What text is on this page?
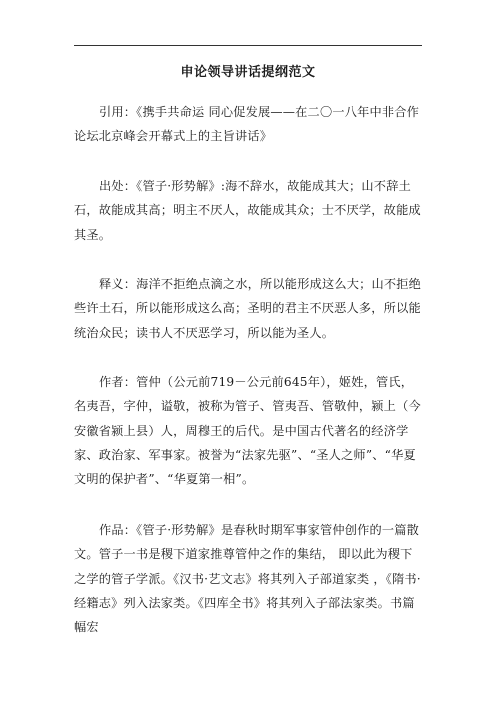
申论领导讲话提纲范文

引用：《携手共命运 同心促发展——在二〇一八年中非合作论坛北京峰会开幕式上的主旨讲话》

出处：《管子·形势解》:海不辞水，故能成其大；山不辞土石，故能成其高；明主不厌人，故能成其众；士不厌学，故能成其圣。

释义：海洋不拒绝点滴之水，所以能形成这么大；山不拒绝些许土石，所以能形成这么高；圣明的君主不厌恶人多，所以能统治众民；读书人不厌恶学习，所以能为圣人。

作者：管仲（公元前719－公元前645年），姬姓，管氏，名夷吾，字仲，谥敬，被称为管子、管夷吾、管敬仲，颍上（今安徽省颍上县）人，周穆王的后代。是中国古代著名的经济学家、政治家、军事家。被誉为“法家先驱”、“圣人之师”、“华夏文明的保护者”、“华夏第一相”。

作品：《管子·形势解》是春秋时期军事家管仲创作的一篇散文。管子一书是稷下道家推尊管仲之作的集结， 即以此为稷下之学的管子学派。《汉书·艺文志》将其列入子部道家类 ，《隋书·经籍志》列入法家类。《四库全书》将其列入子部法家类。书篇幅宏
